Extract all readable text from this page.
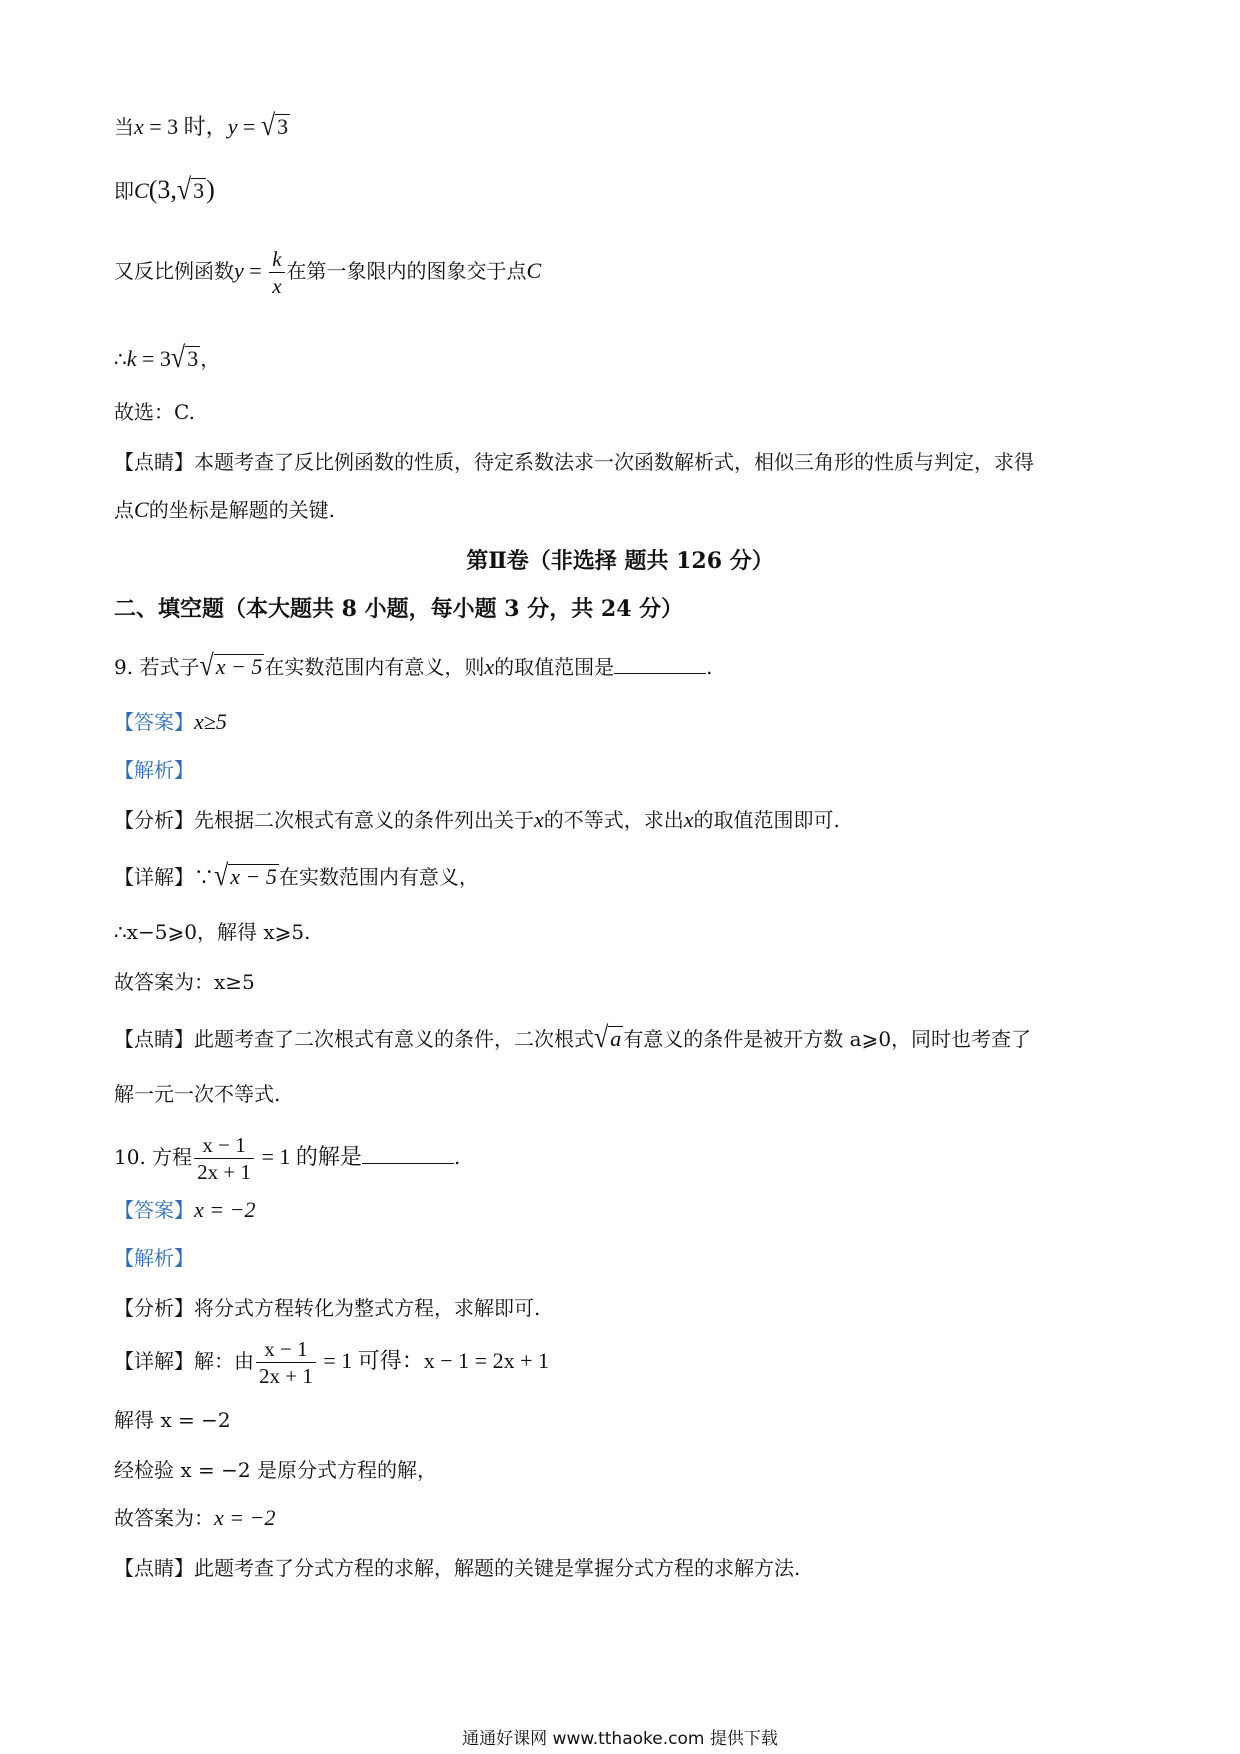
当x = 3 时，y = √3
即C(3,√3)
又反比例函数$y = \frac{k}{x}$ 在第一象限内的图象交于点C
∴k = 3√3 ，
故选：C.
【点睛】本题考查了反比例函数的性质，待定系数法求一次函数解析式，相似三角形的性质与判定，求得
点C的坐标是解题的关键.
第Ⅱ卷（非选择 题共 126 分）
二、填空题（本大题共 8 小题，每小题 3 分，共 24 分）
9. 若式子√x − 5 在实数范围内有意义，则x的取值范围是	.
【答案】x≥5
【解析】
【分析】先根据二次根式有意义的条件列出关于x的不等式，求出x的取值范围即可.
【详解】∵√x − 5 在实数范围内有意义，
∴x−5⩾0，解得 x⩾5.
故答案为：x≥5
【点睛】此题考查了二次根式有意义的条件，二次根式√a 有意义的条件是被开方数 a⩾0，同时也考查了
解一元一次不等式.
10. 方程 $\frac{x - 1}{2x + 1} = 1$ 的解是	.
【答案】x = −2
【解析】
【分析】将分式方程转化为整式方程，求解即可.
【详解】解：由 $\frac{x - 1}{2x + 1} = 1$ 可得：x − 1 = 2x + 1
解得 x = −2
经检验 x = −2 是原分式方程的解，
故答案为：x = −2
【点睛】此题考查了分式方程的求解，解题的关键是掌握分式方程的求解方法.
通通好课网 www.tthaoke.com 提供下载
